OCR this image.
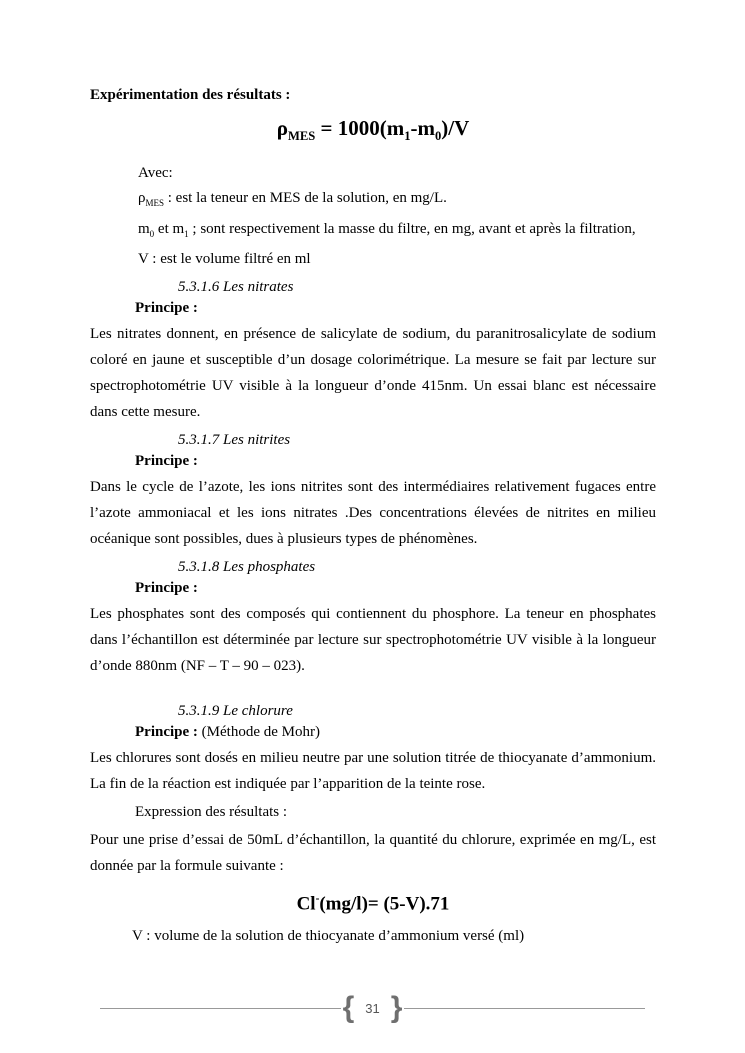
Expérimentation des résultats :
$\rho_{MES} = 1000(m_1-m_0)/V$
Avec:
$\rho_{MES}$ : est la teneur en MES de la solution, en mg/L.
$m_0$ et $m_1$ ; sont respectivement la masse du filtre, en mg, avant et après la filtration,
V : est le volume filtré en ml
5.3.1.6 Les nitrates
Principe :

Les nitrates donnent, en présence de salicylate de sodium, du paranitrosalicylate de sodium coloré en jaune et susceptible d’un dosage colorimétrique. La mesure se fait par lecture sur spectrophotométrie UV visible à la longueur d’onde 415nm. Un essai blanc est nécessaire dans cette mesure.

5.3.1.7 Les nitrites
Principe :

Dans le cycle de l’azote, les ions nitrites sont des intermédiaires relativement fugaces entre l’azote ammoniacal et les ions nitrates .Des concentrations élevées de nitrites en milieu océanique sont possibles, dues à plusieurs types de phénomènes.

5.3.1.8 Les phosphates
Principe :

Les phosphates sont des composés qui contiennent du phosphore. La teneur en phosphates dans l’échantillon est déterminée par lecture sur spectrophotométrie UV visible à la longueur d’onde 880nm (NF – T – 90 – 023).

5.3.1.9 Le chlorure
Principe : (Méthode de Mohr)

Les chlorures sont dosés en milieu neutre par une solution titrée de thiocyanate d’ammonium. La fin de la réaction est indiquée par l’apparition de la teinte rose.

Expression des résultats :

Pour une prise d’essai de 50mL d’échantillon, la quantité du chlorure, exprimée en mg/L, est donnée par la formule suivante :

Cl-(mg/l)= (5-V).71
V : volume de la solution de thiocyanate d’ammonium versé (ml)
{ 31 }
